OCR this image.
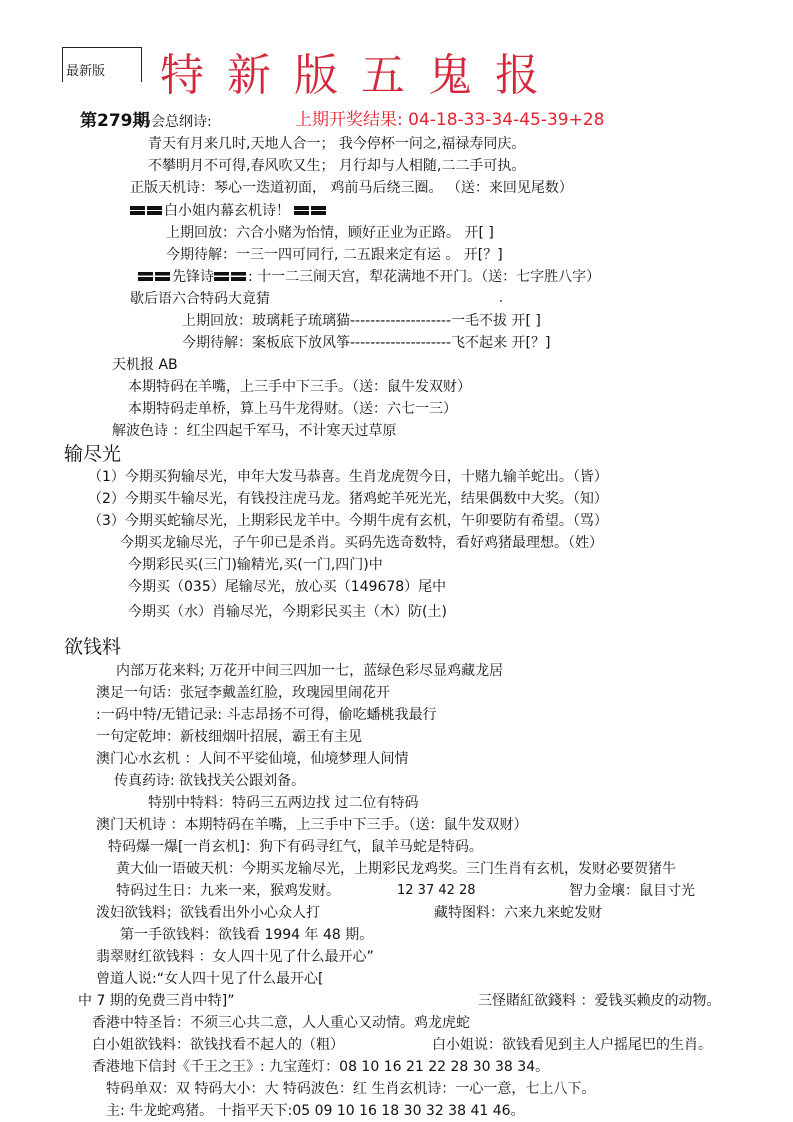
最新版 特新版五鬼报
第279期
马会总纲诗:	上期开奖结果: 04-18-33-34-45-39+28
青天有月来几时,天地人合一； 我今停杯一问之,福禄寿同庆。
不攀明月不可得,春风吹又生； 月行却与人相随,二二手可执。
正版天机诗：琴心一迭道初面， 鸡前马后绕三圈。 （送：来回见尾数）
白小姐内幕玄机诗！
上期回放：六合小赌为怡情，顾好正业为正路。 开[ ]
今期待解：一三一四可同行, 二五跟来定有运 。 开[？]
先锋诗 : 十一二三闹天宫，犁花满地不开门。（送：七字胜八字）
歇后语六合特码大竟猜
上期回放：玻璃耗子琉璃猫--------------------一毛不拔 开[ ]
今期待解：案板底下放风筝--------------------飞不起来 开[？]
天机报 AB
本期特码在羊嘴，上三手中下三手。（送：鼠牛发双财）
本期特码走单桥，算上马牛龙得财。（送：六七一三）
解波色诗 ：红尘四起千军马，不计寒天过草原
输尽光
（1）今期买狗输尽光，申年大发马恭喜。生肖龙虎贺今日，十赌九输羊蛇出。（皆）
（2）今期买牛输尽光，有钱投注虎马龙。猪鸡蛇羊死光光，结果偶数中大奖。（知）
（3）今期买蛇输尽光，上期彩民龙羊中。今期牛虎有玄机，午卯要防有希望。（骂）
今期买龙输尽光，子午卯已是杀肖。买码先选奇数特，看好鸡猪最理想。（姓）
今期彩民买(三门)输精光,买(一门,四门)中
今期买（035）尾输尽光，放心买（149678）尾中
今期买（水）肖输尽光，今期彩民买主（木）防(土)
欲钱料
内部万花来料; 万花开中间三四加一七，蓝绿色彩尽显鸡藏龙居
澳足一句话：张冠李戴盖红脸，玫瑰园里闹花开
:一码中特/无错记录: 斗志昂扬不可得，偷吃蟠桃我最行
一句定乾坤：新枝细烟叶招展，霸王有主见
澳门心水玄机 ：人间不平娑仙境，仙境梦理人间情
传真药诗: 欲钱找关公跟刘备。
特别中特料：特码三五两边找 过二位有特码
澳门天机诗 ：本期特码在羊嘴，上三手中下三手。（送：鼠牛发双财）
特码爆一爆[一肖玄机]：狗下有码寻红气，鼠羊马蛇是特码。
黄大仙一语破天机：今期买龙输尽光，上期彩民龙鸡奖。三门生肖有玄机，发财必要贺猪牛
特码过生日：九来一来，猴鸡发财。	12 37 42 28	智力金壤：鼠目寸光
泼妇欲钱料；欲钱看出外小心众人打	藏特图料：六来九来蛇发财
第一手欲钱料：欲钱看 1994 年 48 期。
翡翠财红欲钱料 ：女人四十见了什么最开心”
曾道人说:“女人四十见了什么最开心[
中 7 期的免费三肖中特]”	三怪賭紅欲錢料 ：爱钱买赖皮的动物。
香港中特圣旨：不须三心共二意，人人重心又动情。鸡龙虎蛇
白小姐欲钱料：欲钱找看不起人的（粗）	白小姐说：欲钱看见到主人户摇尾巴的生肖。
香港地下信封《千王之王》: 九宝莲灯：08 10 16 21 22 28 30 38 34。
特码单双：双 特码大小：大 特码波色：红 生肖玄机诗：一心一意，七上八下。
主: 牛龙蛇鸡猪。 十指平天下:05 09 10 16 18 30 32 38 41 46。
